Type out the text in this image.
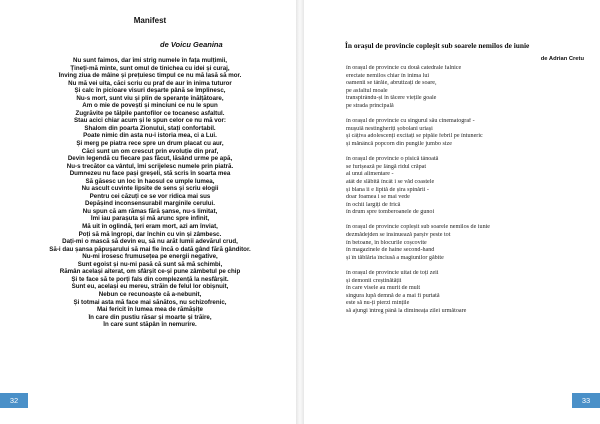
Manifest
de Voicu Geanina
Nu sunt faimos, dar îmi strig numele în fața mulțimii,
Țineți-mă minte, sunt omul de tinichea cu idei și curaj,
Înving ziua de mâine și prețuiesc timpul ce nu mă lasă să mor.
Nu mă vei uita, căci scriu cu praf de aur în inima tuturor
Și calc în picioare visuri deșarte până se împlinesc,
Nu-s mort, sunt viu și plin de speranțe înălțătoare,
Am o mie de povești și minciuni ce nu le spun
Zugrăvite pe tălpile pantofilor ce tocanesc asfaltul.
Stau acici chiar acum și le spun celor ce nu mă vor:
Shalom din poarta Zionului, stați confortabil.
Poate nimic din asta nu-i istoria mea, ci a Lui.
Și merg pe piatra rece spre un drum placat cu aur,
Căci sunt un om crescut prin evoluție din praf,
Devin legendă cu fiecare pas făcut, lăsând urme pe apă,
Nu-s trecător ca vântul, îmi scrijelesc numele prin piatră.
Dumnezeu nu face pași greșeli, stă scris în soarta mea
Să găsesc un loc în haosul ce umple lumea,
Nu ascult cuvinte lipsite de sens și scriu elogii
Pentru cei căzuți ce se vor ridica mai sus
Depășind inconsensurabil marginile cerului.
Nu spun că am rămas fără șanse, nu-s limitat,
Îmi iau parașuta și mă arunc spre infinit,
Mă uit în oglindă, țeri eram mort, azi am înviat,
Poți să mă îngropi, dar închin cu vin și zâmbesc.
Dați-mi o mască să devin eu, să nu arăt lumii adevărul crud,
Să-i dau șansa păpușarului să mai fie încă o dată gând fără gânditor.
Nu-mi irosesc frumusețea pe energii negative,
Sunt egoist și nu-mi pasă că sunt să mă schimbi,
Rămân același aiterat, om sfârșit ce-și pune zâmbetul pe chip
Și te face să te porți fals din complezență la nesfârșit.
Sunt eu, același eu mereu, străin de felul lor obișnuit,
Nebun ce recunoaște că a-nebunit,
Și totmai asta mă face mai sănătos, nu schizofrenic,
Mai fericit în lumea mea de rămășițe
În care din pustiu răsar și moarte și trăire,
În care sunt stăpân în nemurire.
32	33
În orașul de provincie copleșit sub soarele nemilos de iunie
de Adrian Cretu
în orașul de provincie cu două catedrale falnice
erectate nemilos chiar în inima lui
oamenii se târăie, abrutizați de soare,
pe asfaltul moale
transpirându-și în tăcere viețile goale
pe strada principală
în orașul de provincie cu singurul său cinematograf -
mușuiă nestingheriți șobolani uriași
și câțiva adolescenți excitați se pipăie febril pe întuneric
și mănâncă popcorn din pungile jumbo size
în orașul de provincie o pisică tânoată
se furișează pe lângă ridul crăpat
al unui alimentare -
atât de slăbită încât i se văd coastele
și blana îi e lipită de șira spinării -
doar foamea i se mai vede
în ochii largiți de frică
în drum spre tomberoanele de gunoi
în orașul de provincie copleșit sub soarele nemilos de iunie
dezmădejden se insinuează parșiv peste tot
în betoane, în blocurile coșcovite
în magazinele de haine second-hand
și în tăblăria înciusă a magiunilor găbite
în orașul de provincie uitat de toți zeii
și demonii creștinătății
în care visele au murit de mult
singura lupă demnă de a mai fi purtată
este să nu-ți pierzi mințile
să ajungi întreg până la dimineața zilei următoare
